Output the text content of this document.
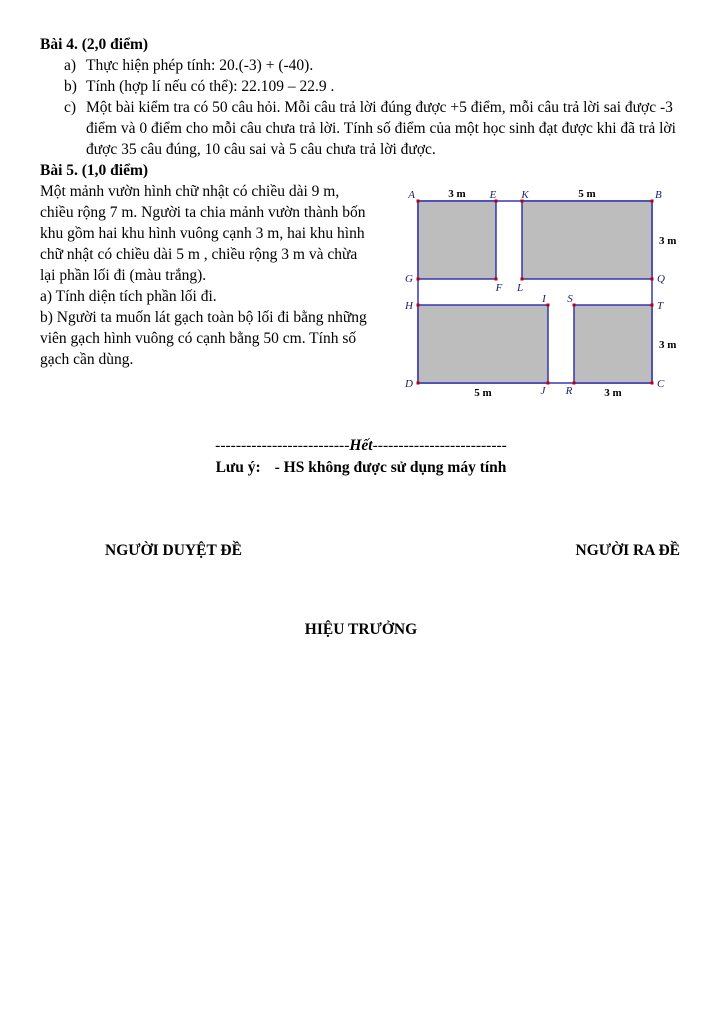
Bài 4. (2,0 điểm)
a) Thực hiện phép tính: 20.(-3) + (-40).
b) Tính (hợp lí nếu có thể): 22.109 – 22.9 .
c) Một bài kiểm tra có 50 câu hỏi. Mỗi câu trả lời đúng được +5 điểm, mỗi câu trả lời sai được -3 điểm và 0 điểm cho mỗi câu chưa trả lời. Tính số điểm của một học sinh đạt được khi đã trả lời được 35 câu đúng, 10 câu sai và 5 câu chưa trả lời được.
Bài 5. (1,0 điểm)

Một mảnh vườn hình chữ nhật có chiều dài 9 m, chiều rộng 7 m. Người ta chia mảnh vườn thành bốn khu gồm hai khu hình vuông cạnh 3 m, hai khu hình chữ nhật có chiều dài 5 m , chiều rộng 3 m và chừa lại phần lối đi (màu trắng).

a) Tính diện tích phần lối đi.

b) Người ta muốn lát gạch toàn bộ lối đi bằng những viên gạch hình vuông có cạnh bằng 50 cm. Tính số gạch cần dùng.

A	E K	B
G
F L
Q
H
I S
T
D
J R
C
3 m	5 m
3 m
3 m
5 m	3 m
--------------------------Hết--------------------------
Lưu ý: - HS không được sử dụng máy tính
NGƯỜI DUYỆT ĐỀ	NGƯỜI RA ĐỀ
HIỆU TRƯỞNG
